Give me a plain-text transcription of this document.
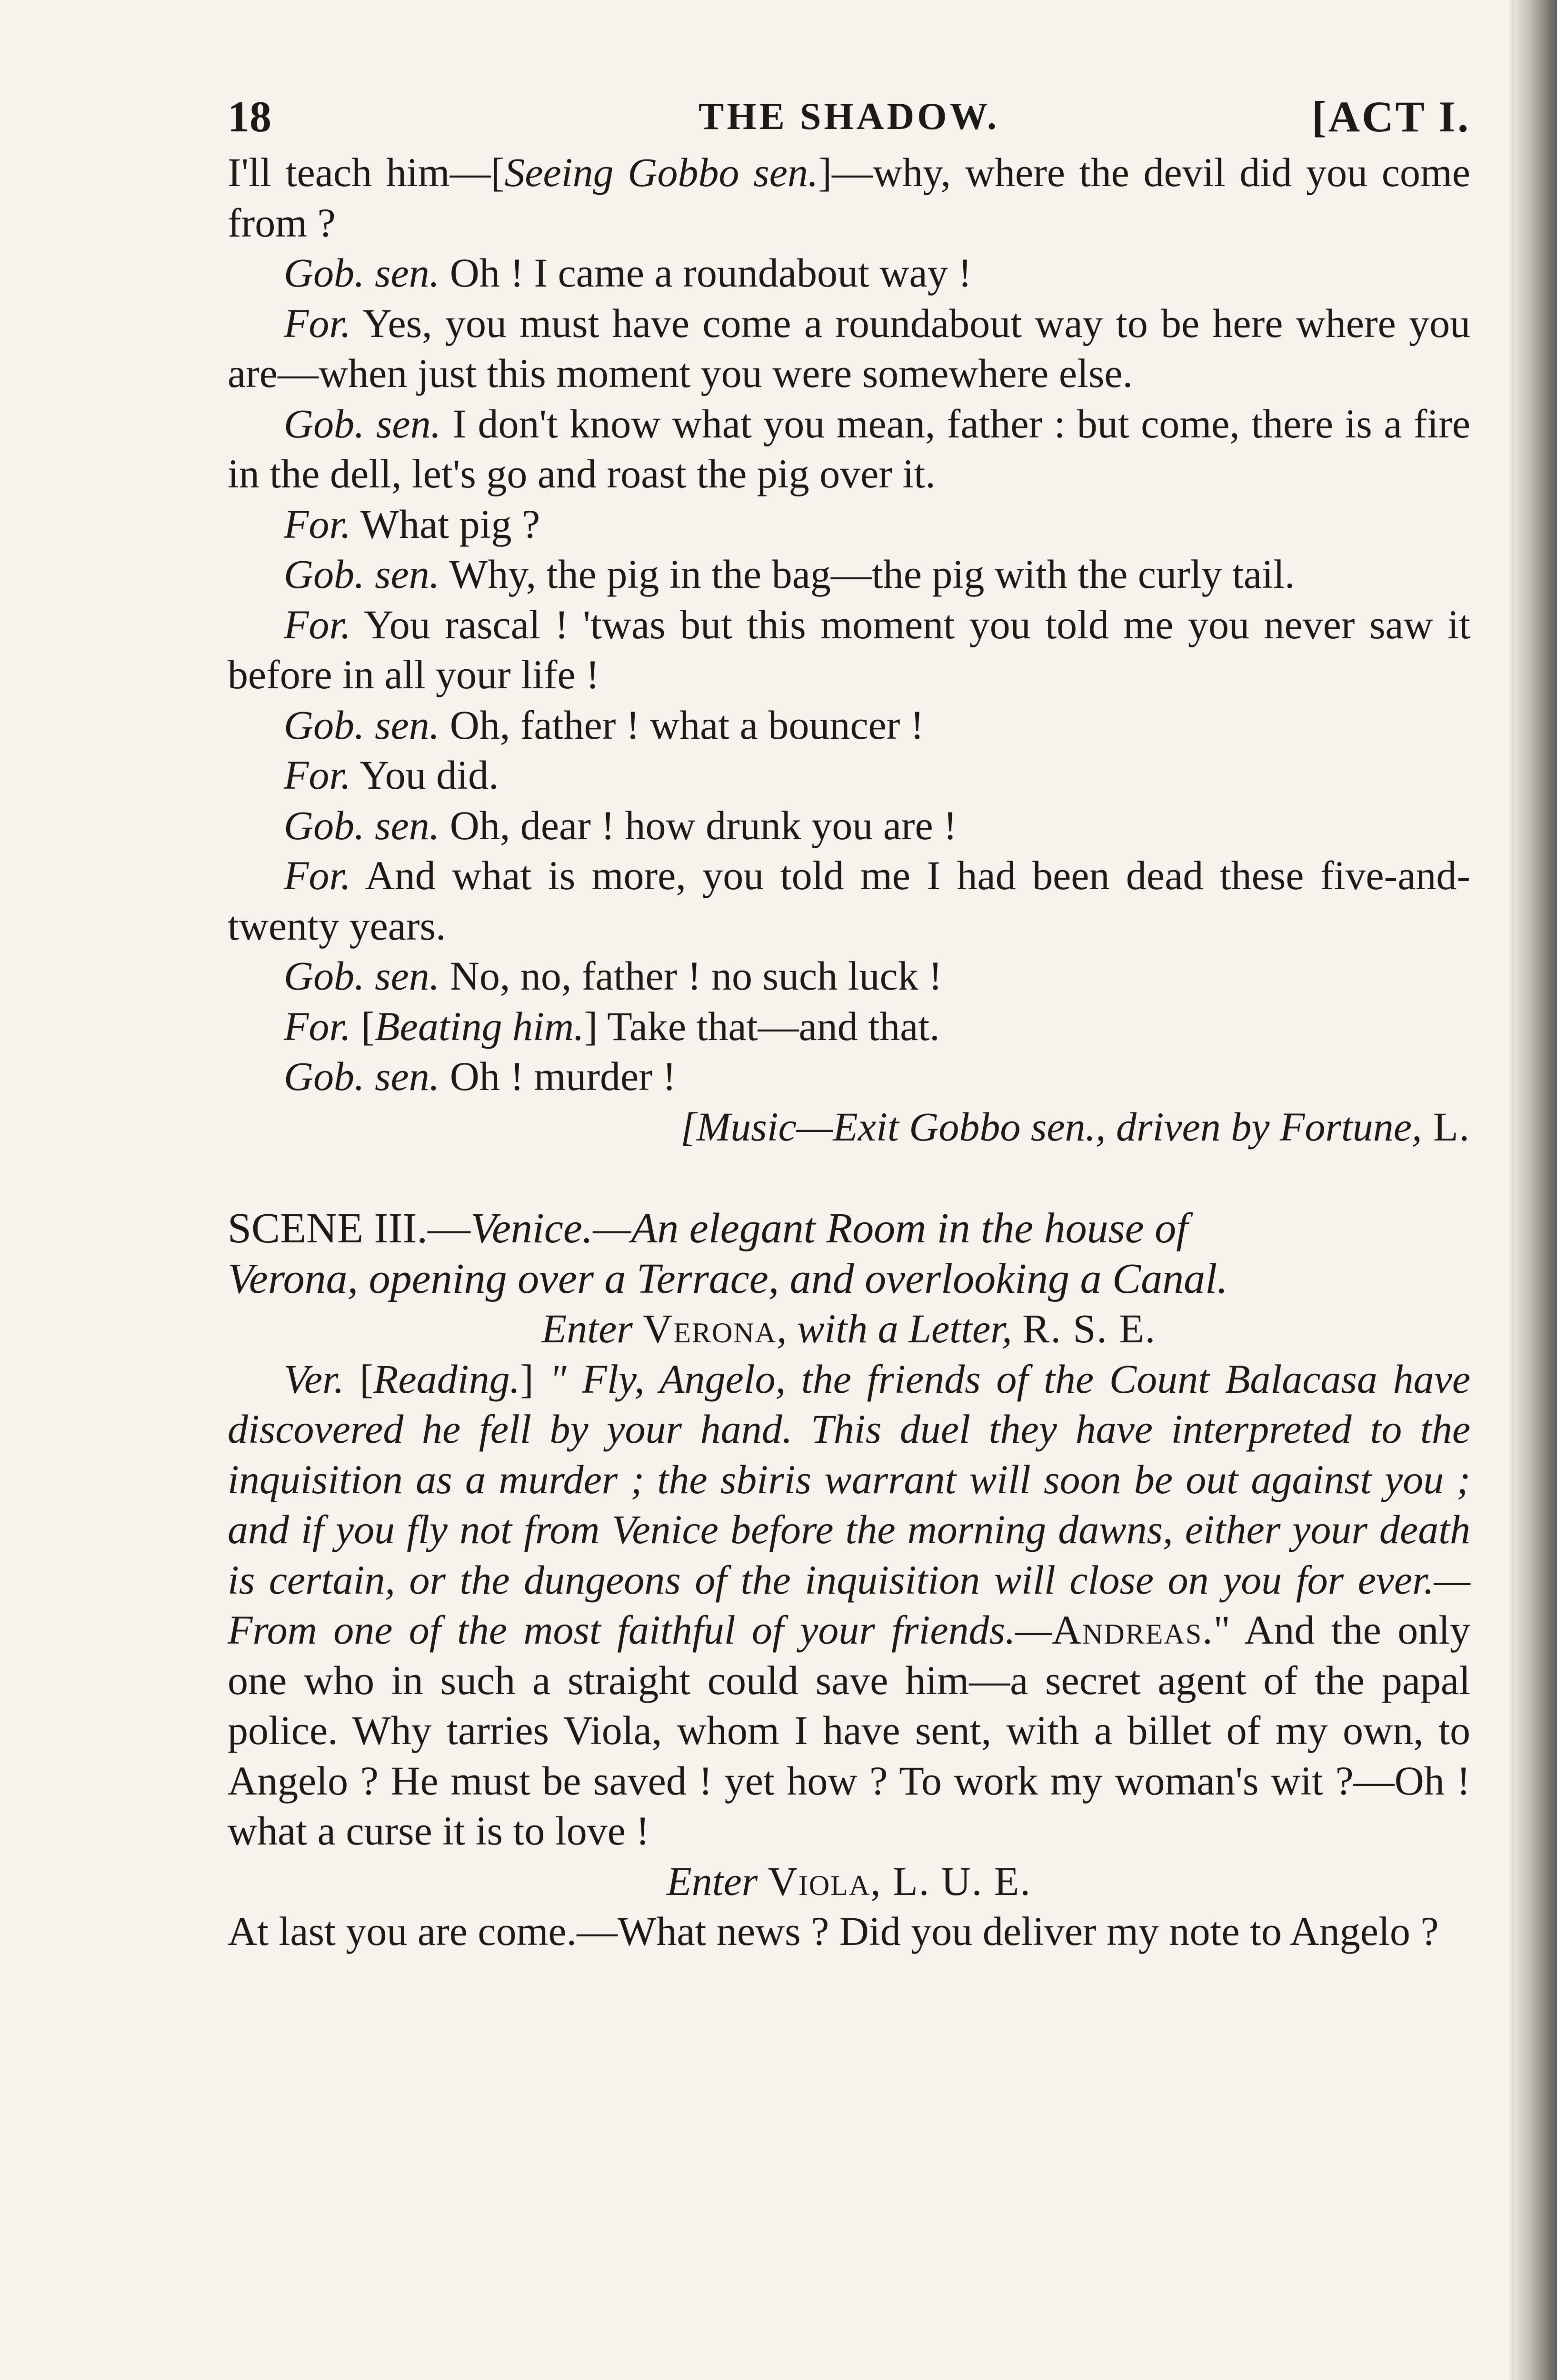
18	THE SHADOW.	[ACT I.

I'll teach him—[Seeing Gobbo sen.]—why, where the devil did you come from ?

Gob. sen. Oh ! I came a roundabout way !

For. Yes, you must have come a roundabout way to be here where you are—when just this moment you were somewhere else.

Gob. sen. I don't know what you mean, father : but come, there is a fire in the dell, let's go and roast the pig over it.

For. What pig ?

Gob. sen. Why, the pig in the bag—the pig with the curly tail.

For. You rascal ! 'twas but this moment you told me you never saw it before in all your life !

Gob. sen. Oh, father ! what a bouncer !

For. You did.

Gob. sen. Oh, dear ! how drunk you are !

For. And what is more, you told me I had been dead these five-and-twenty years.

Gob. sen. No, no, father ! no such luck !

For. [Beating him.] Take that—and that.

Gob. sen. Oh ! murder !

[Music—Exit Gobbo sen., driven by Fortune, L.

SCENE III.—Venice.—An elegant Room in the house of

Verona, opening over a Terrace, and overlooking a Canal.

Enter Verona, with a Letter, R. S. E.

Ver. [Reading.] " Fly, Angelo, the friends of the Count Balacasa have discovered he fell by your hand. This duel they have interpreted to the inquisition as a murder ; the sbiris warrant will soon be out against you ; and if you fly not from Venice before the morning dawns, either your death is certain, or the dungeons of the inquisition will close on you for ever.—From one of the most faithful of your friends.—Andreas." And the only one who in such a straight could save him—a secret agent of the papal police. Why tarries Viola, whom I have sent, with a billet of my own, to Angelo ? He must be saved ! yet how ? To work my woman's wit ?—Oh ! what a curse it is to love !

Enter Viola, L. U. E.

At last you are come.—What news ? Did you deliver my note to Angelo ?
